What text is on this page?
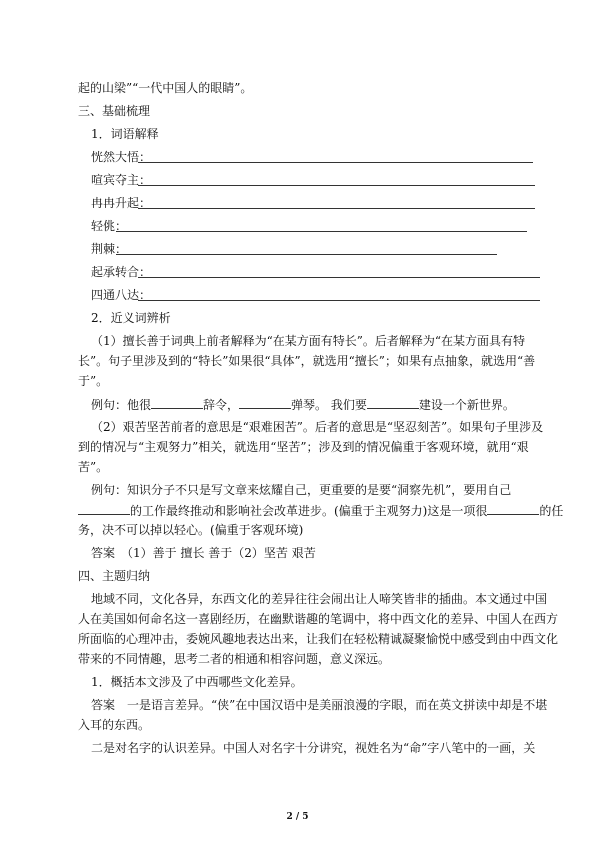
起的山梁”“一代中国人的眼睛”。
三、基础梳理
1．词语解释
恍然大悟：
喧宾夺主：
冉冉升起：
轻佻：
荆棘：
起承转合：
四通八达：
2．近义词辨析
（1）擅长善于词典上前者解释为“在某方面有特长”。后者解释为“在某方面具有特
长”。句子里涉及到的“特长”如果很“具体”，就选用“擅长”；如果有点抽象，就选用“善
于”。
例句：他很	辞令，	弹琴。 我们要	建设一个新世界。
（2）艰苦坚苦前者的意思是“艰难困苦”。后者的意思是“坚忍刻苦”。如果句子里涉及
到的情况与“主观努力”相关，就选用“坚苦”；涉及到的情况偏重于客观环境，就用“艰
苦”。
例句：知识分子不只是写文章来炫耀自己，更重要的是要“洞察先机”，要用自己
的工作最终推动和影响社会改革进步。(偏重于主观努力)这是一项很	的任
务，决不可以掉以轻心。(偏重于客观环境)
答案　（1）善于 擅长 善于（2）坚苦 艰苦
四、主题归纳
地域不同，文化各异，东西文化的差异往往会闹出让人啼笑皆非的插曲。本文通过中国
人在美国如何命名这一喜剧经历，在幽默谐趣的笔调中，将中西文化的差异、中国人在西方
所面临的心理冲击，委婉风趣地表达出来，让我们在轻松精诚凝聚愉悦中感受到由中西文化
带来的不同情趣，思考二者的相通和相容问题，意义深远。
1．概括本文涉及了中西哪些文化差异。
答案　一是语言差异。“侠”在中国汉语中是美丽浪漫的字眼，而在英文拼读中却是不堪
入耳的东西。
二是对名字的认识差异。中国人对名字十分讲究，视姓名为“命”字八笔中的一画，关
2 / 5
